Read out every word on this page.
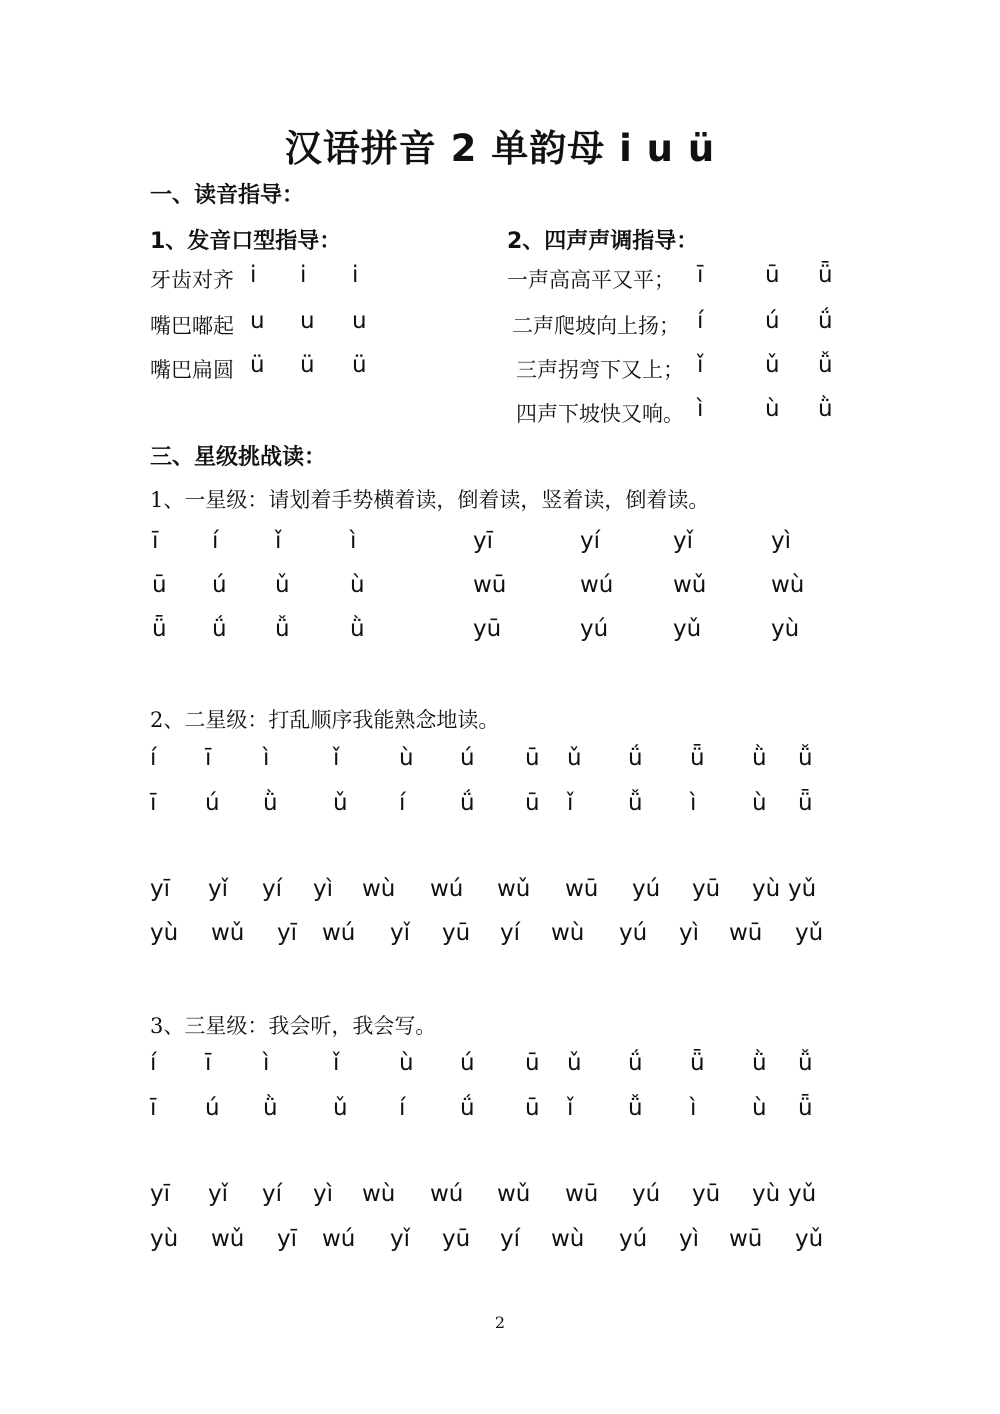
汉语拼音 2 单韵母 i u ü
一、读音指导：
1、发音口型指导：	2、四声声调指导：
牙齿对齐 i i i
嘴巴嘟起 u u u
嘴巴扁圆 ü ü ü
一声高高平又平； ī	ū ǖ
二声爬坡向上扬； í	ú ǘ
三声拐弯下又上； ǐ	ǔ ǚ
四声下坡快又响。 ì	ù ǜ
三、星级挑战读：
1、一星级：请划着手势横着读，倒着读，竖着读，倒着读。
ī í ǐ	ì	yī	yí	yǐ	yì
ū ú ǔ	ù	wū	wú	wǔ	wù
ǖ ǘ ǚ	ǜ	yū	yú	yǔ	yù
2、二星级：打乱顺序我能熟念地读。
í ī ì	ǐ	ù ú ū ǔ ǘ ǖ ǜ ǚ
ī ú ǜ ǔ í ǘ ū ǐ ǚ ì ù ǖ
yī yǐ yí yì wù wú wǔ wū yú yū yù yǔ
yù wǔ yī wú yǐ yū yí wù yú yì wū yǔ
3、三星级：我会听，我会写。
í ī ì	ǐ	ù ú ū ǔ ǘ ǖ ǜ ǚ
ī ú ǜ ǔ í ǘ ū ǐ ǚ ì ù ǖ
yī yǐ yí yì wù wú wǔ wū yú yū yù yǔ
yù wǔ yī wú yǐ yū yí wù yú yì wū yǔ
2
